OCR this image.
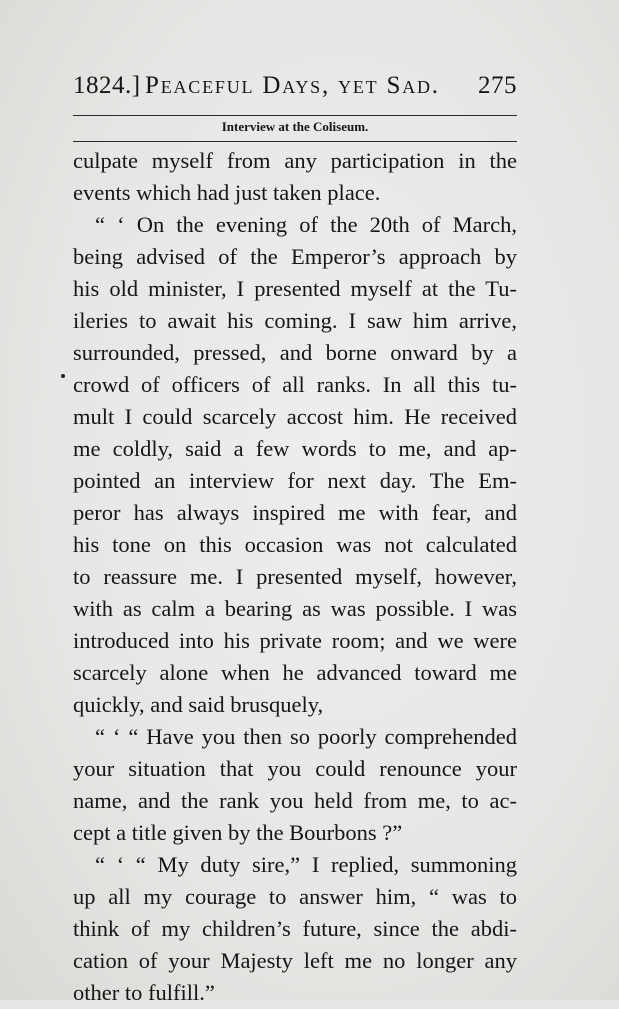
1824.] Peaceful Days, yet Sad. 275
Interview at the Coliseum.
culpate myself from any participation in the
events which had just taken place.
“ ‘ On the evening of the 20th of March,
being advised of the Emperor’s approach by
his old minister, I presented myself at the Tu-
ileries to await his coming. I saw him arrive,
surrounded, pressed, and borne onward by a
crowd of officers of all ranks. In all this tu-
mult I could scarcely accost him. He received
me coldly, said a few words to me, and ap-
pointed an interview for next day. The Em-
peror has always inspired me with fear, and
his tone on this occasion was not calculated
to reassure me. I presented myself, however,
with as calm a bearing as was possible. I was
introduced into his private room; and we were
scarcely alone when he advanced toward me
quickly, and said brusquely,
“ ‘ “ Have you then so poorly comprehended
your situation that you could renounce your
name, and the rank you held from me, to ac-
cept a title given by the Bourbons ?”
“ ‘ “ My duty sire,” I replied, summoning
up all my courage to answer him, “ was to
think of my children’s future, since the abdi-
cation of your Majesty left me no longer any
other to fulfill.”
